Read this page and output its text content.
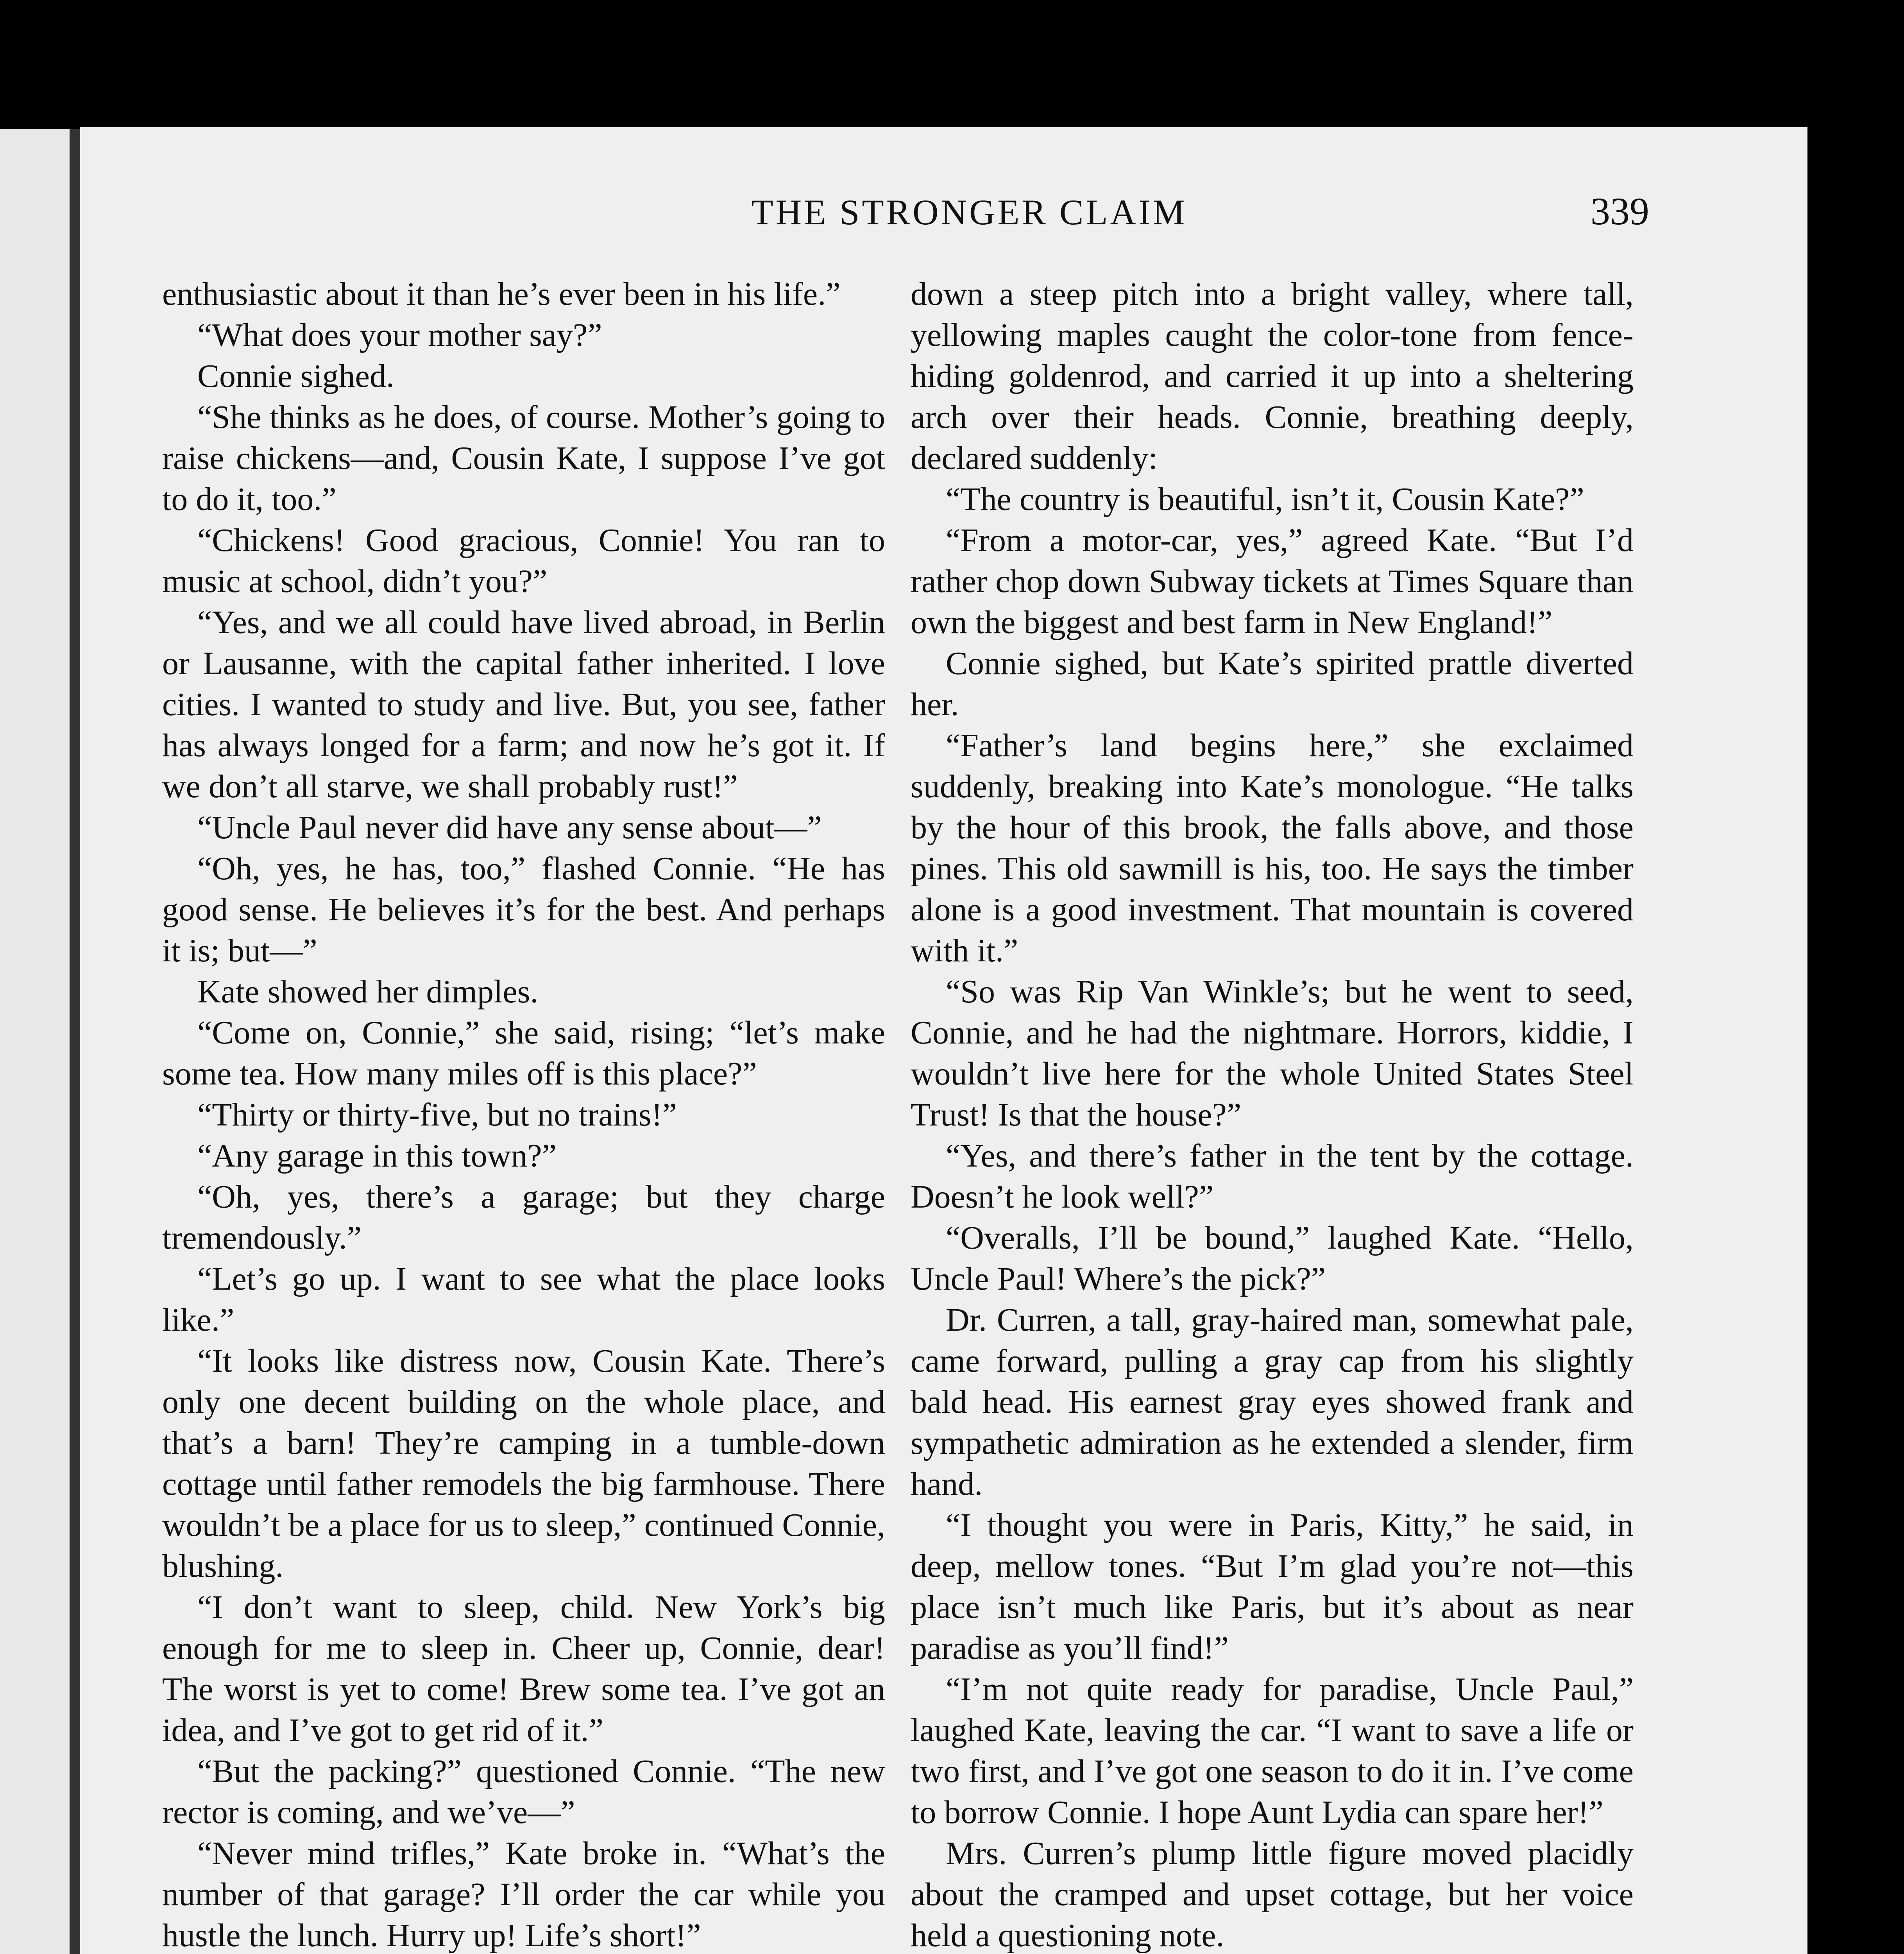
THE STRONGER CLAIM	339

enthusiastic about it than he’s ever been in his life.”

“What does your mother say?”

Connie sighed.

“She thinks as he does, of course. Mother’s going to raise chickens—and, Cousin Kate, I suppose I’ve got to do it, too.”

“Chickens! Good gracious, Connie! You ran to music at school, didn’t you?”

“Yes, and we all could have lived abroad, in Berlin or Lausanne, with the capital father inherited. I love cities. I wanted to study and live. But, you see, father has always longed for a farm; and now he’s got it. If we don’t all starve, we shall probably rust!”

“Uncle Paul never did have any sense about—”

“Oh, yes, he has, too,” flashed Connie. “He has good sense. He believes it’s for the best. And perhaps it is; but—”

Kate showed her dimples.

“Come on, Connie,” she said, rising; “let’s make some tea. How many miles off is this place?”

“Thirty or thirty-five, but no trains!”

“Any garage in this town?”

“Oh, yes, there’s a garage; but they charge tremendously.”

“Let’s go up. I want to see what the place looks like.”

“It looks like distress now, Cousin Kate. There’s only one decent building on the whole place, and that’s a barn! They’re camping in a tumble-down cottage until father remodels the big farmhouse. There wouldn’t be a place for us to sleep,” continued Connie, blushing.

“I don’t want to sleep, child. New York’s big enough for me to sleep in. Cheer up, Connie, dear! The worst is yet to come! Brew some tea. I’ve got an idea, and I’ve got to get rid of it.”

“But the packing?” questioned Connie. “The new rector is coming, and we’ve—”

“Never mind trifles,” Kate broke in. “What’s the number of that garage? I’ll order the car while you hustle the lunch. Hurry up! Life’s short!”

down a steep pitch into a bright valley, where tall, yellowing maples caught the color-tone from fence-hiding goldenrod, and carried it up into a sheltering arch over their heads. Connie, breathing deeply, declared suddenly:

“The country is beautiful, isn’t it, Cousin Kate?”

“From a motor-car, yes,” agreed Kate. “But I’d rather chop down Subway tickets at Times Square than own the biggest and best farm in New England!”

Connie sighed, but Kate’s spirited prattle diverted her.

“Father’s land begins here,” she exclaimed suddenly, breaking into Kate’s monologue. “He talks by the hour of this brook, the falls above, and those pines. This old sawmill is his, too. He says the timber alone is a good investment. That mountain is covered with it.”

“So was Rip Van Winkle’s; but he went to seed, Connie, and he had the nightmare. Horrors, kiddie, I wouldn’t live here for the whole United States Steel Trust! Is that the house?”

“Yes, and there’s father in the tent by the cottage. Doesn’t he look well?”

“Overalls, I’ll be bound,” laughed Kate. “Hello, Uncle Paul! Where’s the pick?”

Dr. Curren, a tall, gray-haired man, somewhat pale, came forward, pulling a gray cap from his slightly bald head. His earnest gray eyes showed frank and sympathetic admiration as he extended a slender, firm hand.

“I thought you were in Paris, Kitty,” he said, in deep, mellow tones. “But I’m glad you’re not—this place isn’t much like Paris, but it’s about as near paradise as you’ll find!”

“I’m not quite ready for paradise, Uncle Paul,” laughed Kate, leaving the car. “I want to save a life or two first, and I’ve got one season to do it in. I’ve come to borrow Connie. I hope Aunt Lydia can spare her!”

Mrs. Curren’s plump little figure moved placidly about the cramped and upset cottage, but her voice held a questioning note.
